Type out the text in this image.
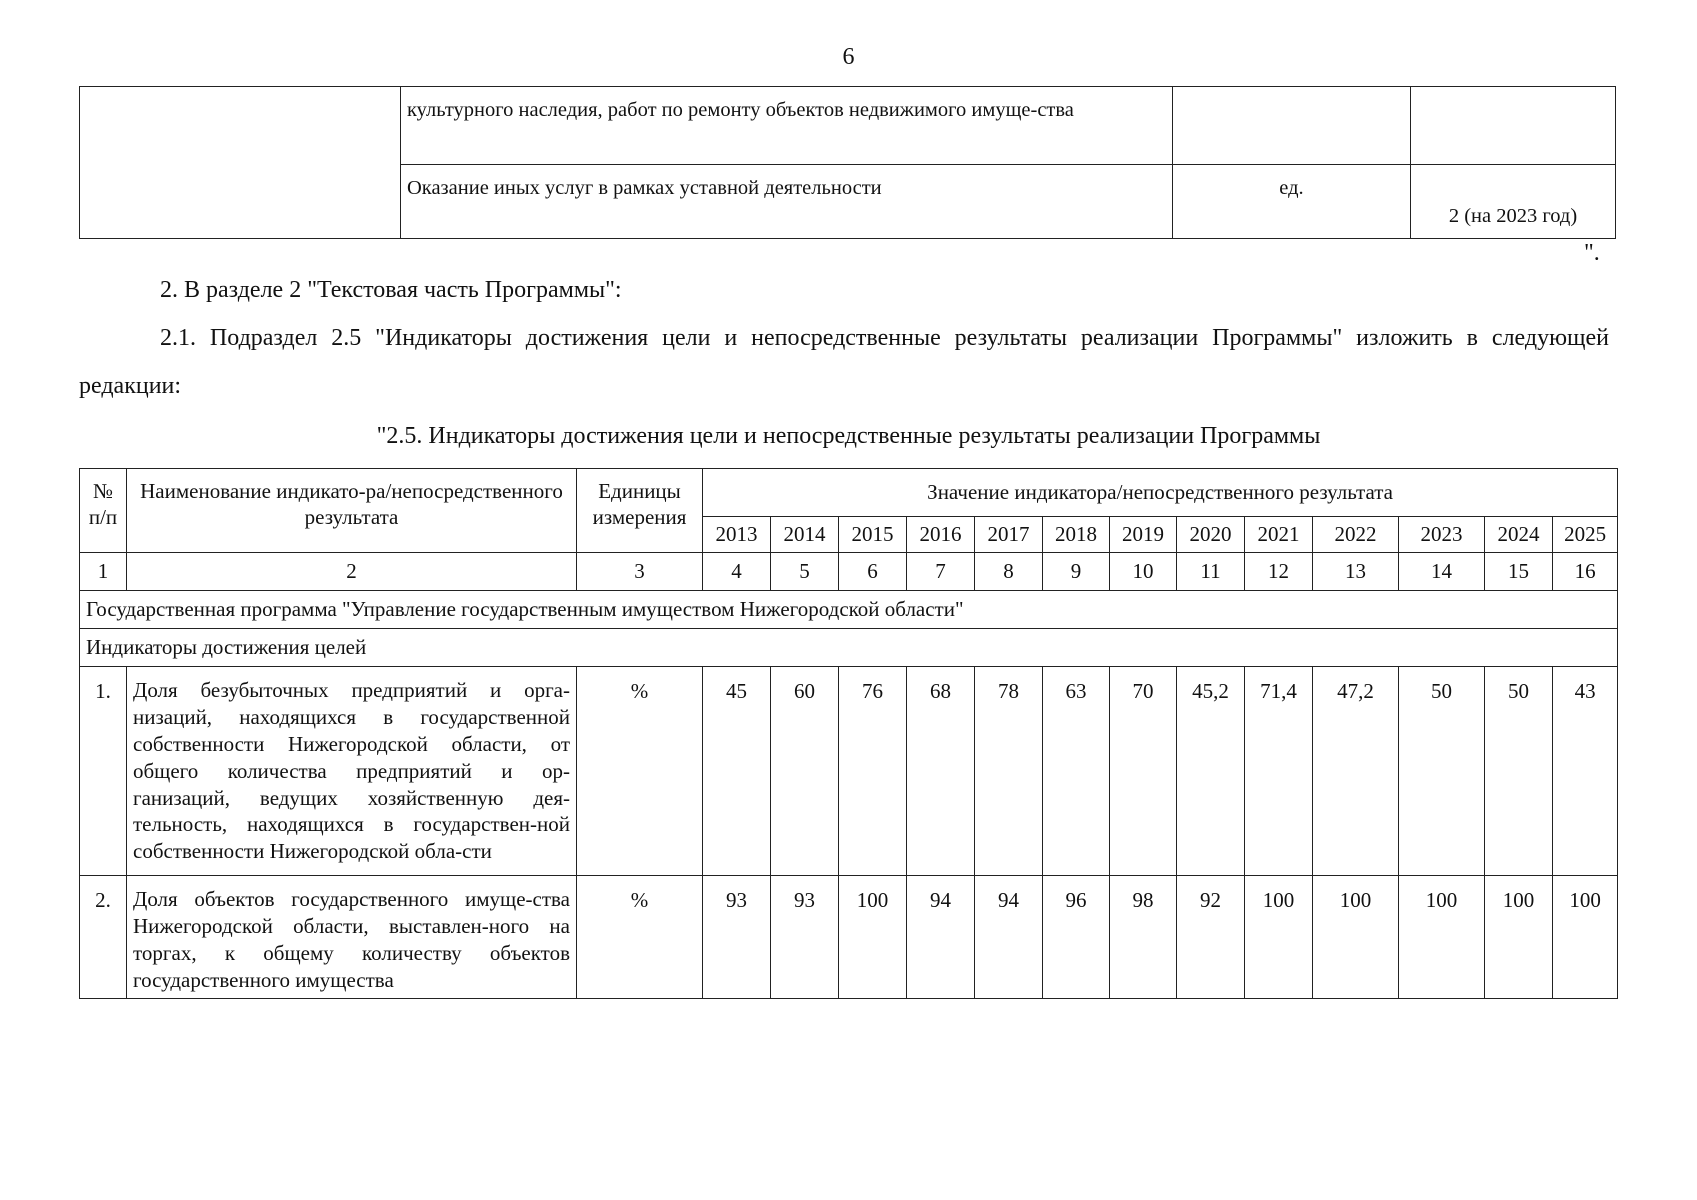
6
	культурного наследия, работ по ремонту объектов недвижимого имуще-ства		
	Оказание иных услуг в рамках уставной деятельности	ед.	2 (на 2023 год)
".
2. В разделе 2 "Текстовая часть Программы":
2.1. Подраздел 2.5 "Индикаторы достижения цели и непосредственные результаты реализации Программы" изложить в следующей редакции:
"2.5. Индикаторы достижения цели и непосредственные результаты реализации Программы
№ п/п	Наименование индикато-ра/непосредственного результата	Единицы измерения	Значение индикатора/непосредственного результата												
			2013	2014	2015	2016	2017	2018	2019	2020	2021	2022	2023	2024	2025
1	2	3	4	5	6	7	8	9	10	11	12	13	14	15	16
Государственная программа "Управление государственным имуществом Нижегородской области"															
Индикаторы достижения целей															
1.	Доля безубыточных предприятий и орга-низаций, находящихся в государственной собственности Нижегородской области, от общего количества предприятий и ор-ганизаций, ведущих хозяйственную дея-тельность, находящихся в государствен-ной собственности Нижегородской обла-сти	%	45	60	76	68	78	63	70	45,2	71,4	47,2	50	50	43
2.	Доля объектов государственного имуще-ства Нижегородской области, выставлен-ного на торгах, к общему количеству объектов государственного имущества	%	93	93	100	94	94	96	98	92	100	100	100	100	100
